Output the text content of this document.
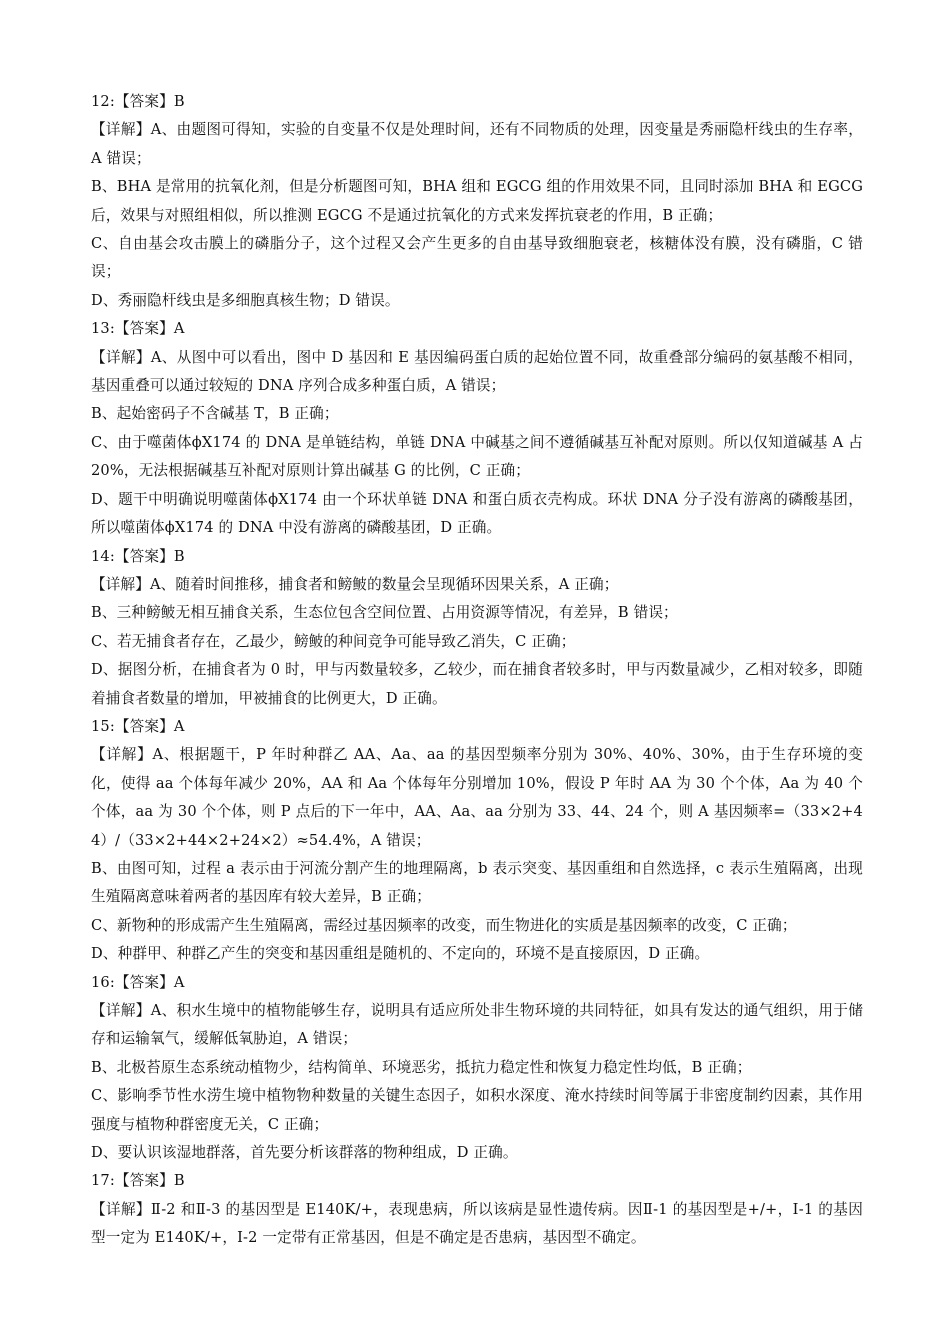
12:【答案】B
【详解】A、由题图可得知，实验的自变量不仅是处理时间，还有不同物质的处理，因变量是秀丽隐杆线虫的生存率，A 错误；
B、BHA 是常用的抗氧化剂，但是分析题图可知，BHA 组和 EGCG 组的作用效果不同，且同时添加 BHA 和 EGCG 后，效果与对照组相似，所以推测 EGCG 不是通过抗氧化的方式来发挥抗衰老的作用，B 正确；
C、自由基会攻击膜上的磷脂分子，这个过程又会产生更多的自由基导致细胞衰老，核糖体没有膜，没有磷脂，C 错误；
D、秀丽隐杆线虫是多细胞真核生物；D 错误。
13:【答案】A
【详解】A、从图中可以看出，图中 D 基因和 E 基因编码蛋白质的起始位置不同，故重叠部分编码的氨基酸不相同，基因重叠可以通过较短的 DNA 序列合成多种蛋白质，A 错误；
B、起始密码子不含碱基 T，B 正确；
C、由于噬菌体ϕX174 的 DNA 是单链结构，单链 DNA 中碱基之间不遵循碱基互补配对原则。所以仅知道碱基 A 占 20%，无法根据碱基互补配对原则计算出碱基 G 的比例，C 正确；
D、题干中明确说明噬菌体ϕX174 由一个环状单链 DNA 和蛋白质衣壳构成。环状 DNA 分子没有游离的磷酸基团，所以噬菌体ϕX174 的 DNA 中没有游离的磷酸基团，D 正确。
14:【答案】B
【详解】A、随着时间推移，捕食者和鳑鲏的数量会呈现循环因果关系，A 正确；
B、三种鳑鲏无相互捕食关系，生态位包含空间位置、占用资源等情况，有差异，B 错误；
C、若无捕食者存在，乙最少，鳑鲏的种间竞争可能导致乙消失，C 正确；
D、据图分析，在捕食者为 0 时，甲与丙数量较多，乙较少，而在捕食者较多时，甲与丙数量减少，乙相对较多，即随着捕食者数量的增加，甲被捕食的比例更大，D 正确。
15:【答案】A
【详解】A、根据题干，P 年时种群乙 AA、Aa、aa 的基因型频率分别为 30%、40%、30%，由于生存环境的变化，使得 aa 个体每年减少 20%，AA 和 Aa 个体每年分别增加 10%，假设 P 年时 AA 为 30 个个体，Aa 为 40 个个体，aa 为 30 个个体，则 P 点后的下一年中，AA、Aa、aa 分别为 33、44、24 个，则 A 基因频率=（33×2+44）/（33×2+44×2+24×2）≈54.4%，A 错误；
B、由图可知，过程 a 表示由于河流分割产生的地理隔离，b 表示突变、基因重组和自然选择，c 表示生殖隔离，出现生殖隔离意味着两者的基因库有较大差异，B 正确；
C、新物种的形成需产生生殖隔离，需经过基因频率的改变，而生物进化的实质是基因频率的改变，C 正确；
D、种群甲、种群乙产生的突变和基因重组是随机的、不定向的，环境不是直接原因，D 正确。
16:【答案】A
【详解】A、积水生境中的植物能够生存，说明具有适应所处非生物环境的共同特征，如具有发达的通气组织，用于储存和运输氧气，缓解低氧胁迫，A 错误；
B、北极苔原生态系统动植物少，结构简单、环境恶劣，抵抗力稳定性和恢复力稳定性均低，B 正确；
C、影响季节性水涝生境中植物物种数量的关键生态因子，如积水深度、淹水持续时间等属于非密度制约因素，其作用强度与植物种群密度无关，C 正确；
D、要认识该湿地群落，首先要分析该群落的物种组成，D 正确。
17:【答案】B
【详解】Ⅱ-2 和Ⅱ-3 的基因型是 E140K/+，表现患病，所以该病是显性遗传病。因Ⅱ-1 的基因型是+/+，Ⅰ-1 的基因型一定为 E140K/+，Ⅰ-2 一定带有正常基因，但是不确定是否患病，基因型不确定。
